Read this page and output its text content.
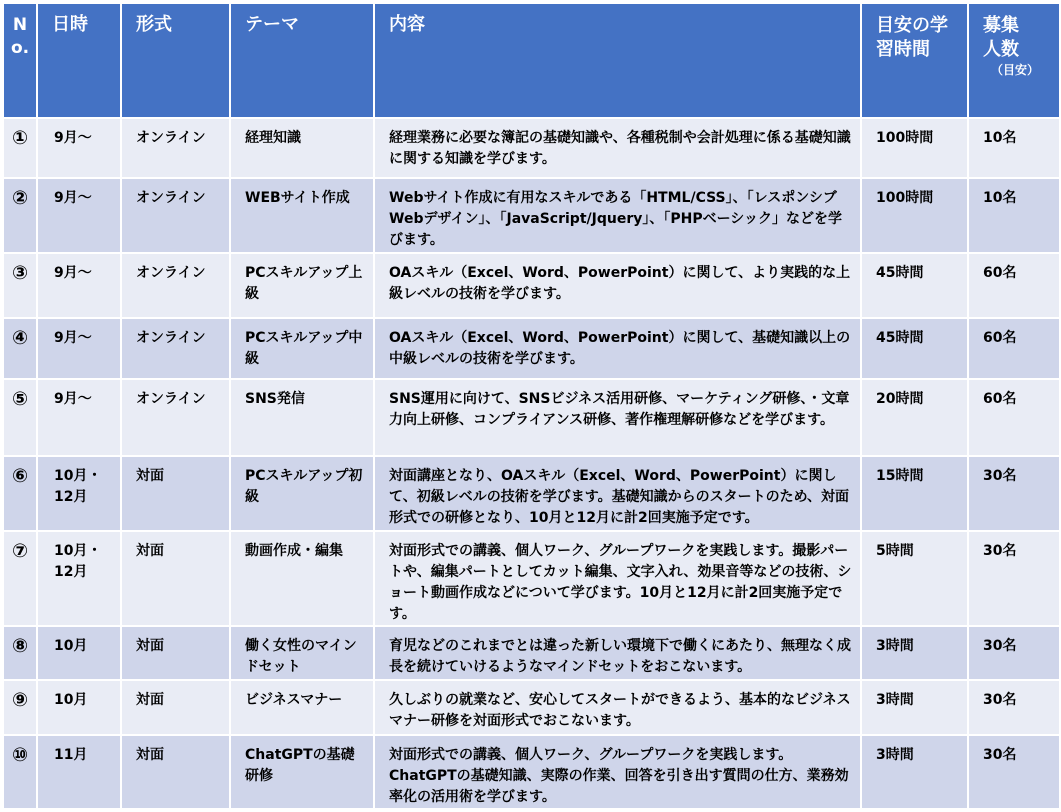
No.	日時	形式	テーマ	内容	目安の学習時間	募集人数
（目安）

①	9月～	オンライン	経理知識	経理業務に必要な簿記の基礎知識や、各種税制や会計処理に係る基礎知識に関する知識を学びます。	100時間	10名
②	9月～	オンライン	WEBサイト作成	Webサイト作成に有用なスキルである「HTML/CSS」、「レスポンシブWebデザイン」、「JavaScript/Jquery」、「PHPベーシック」などを学びます。	100時間	10名
③	9月～	オンライン	PCスキルアップ上級	OAスキル（Excel、Word、PowerPoint）に関して、より実践的な上級レベルの技術を学びます。	45時間	60名
④	9月～	オンライン	PCスキルアップ中級	OAスキル（Excel、Word、PowerPoint）に関して、基礎知識以上の中級レベルの技術を学びます。	45時間	60名
⑤	9月～	オンライン	SNS発信	SNS運用に向けて、SNSビジネス活用研修、マーケティング研修、・文章力向上研修、コンプライアンス研修、著作権理解研修などを学びます。	20時間	60名
⑥	10月・12月	対面	PCスキルアップ初級	対面講座となり、OAスキル（Excel、Word、PowerPoint）に関して、初級レベルの技術を学びます。基礎知識からのスタートのため、対面形式での研修となり、10月と12月に計2回実施予定です。	15時間	30名
⑦	10月・12月	対面	動画作成・編集	対面形式での講義、個人ワーク、グループワークを実践します。撮影パートや、編集パートとしてカット編集、文字入れ、効果音等などの技術、ショート動画作成などについて学びます。10月と12月に計2回実施予定です。	5時間	30名
⑧	10月	対面	働く女性のマインドセット	育児などのこれまでとは違った新しい環境下で働くにあたり、無理なく成長を続けていけるようなマインドセットをおこないます。	3時間	30名
⑨	10月	対面	ビジネスマナー	久しぶりの就業など、安心してスタートができるよう、基本的なビジネスマナー研修を対面形式でおこないます。	3時間	30名
⑩	11月	対面	ChatGPTの基礎研修	対面形式での講義、個人ワーク、グループワークを実践します。ChatGPTの基礎知識、実際の作業、回答を引き出す質問の仕方、業務効率化の活用術を学びます。	3時間	30名
